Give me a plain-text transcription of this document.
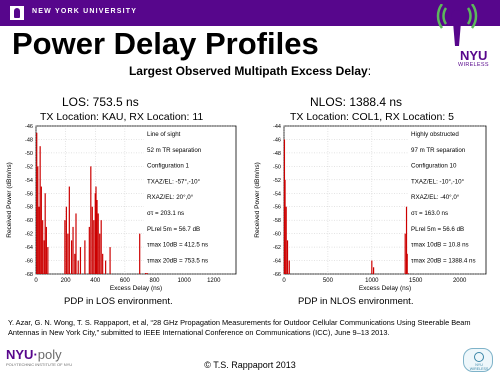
NEW YORK UNIVERSITY
NYU
WIRELESS
Power Delay Profiles
Largest Observed Multipath Excess Delay:
LOS: 753.5 ns
TX Location: KAU, RX Location: 11
NLOS: 1388.4 ns
TX Location: COL1, RX Location: 5
0	200	400	600	800	1000	1200
-46
-48
-50
-52
-54
-56
-58
-60
-62
-64
-66
-68
Excess Delay (ns)
Received Power (dBm/ns)
Line of sight
52 m TR separation
Configuration 1
TXAZ/EL: -57°,-10°
RXAZ/EL: 20°,0°
στ = 203.1 ns
PLrel 5m = 56.7 dB
τmax 10dB = 412.5 ns
τmax 20dB = 753.5 ns
0	500	1000	1500	2000
-44
-46
-48
-50
-52
-54
-56
-58
-60
-62
-64
-66
Excess Delay (ns)
Received Power (dBm/ns)
Highly obstructed
97 m TR separation
Configuration 10
TXAZ/EL: -10°,-10°
RXAZ/EL: -40°,0°
στ = 163.0 ns
PLrel 5m = 56.6 dB
τmax 10dB = 10.8 ns
τmax 20dB = 1388.4 ns
PDP in LOS environment.	PDP in NLOS environment.
Y. Azar, G. N. Wong, T. S. Rappaport, et al, “28 GHz Propagation Measurements for Outdoor Cellular Communications Using Steerable Beam Antennas in New York City,” submitted to IEEE International Conference on Communications (ICC), June 9–13 2013.
NYU·poly
POLYTECHNIC INSTITUTE OF NYU	© T.S. Rappaport 2013	NYU WIRELESS
